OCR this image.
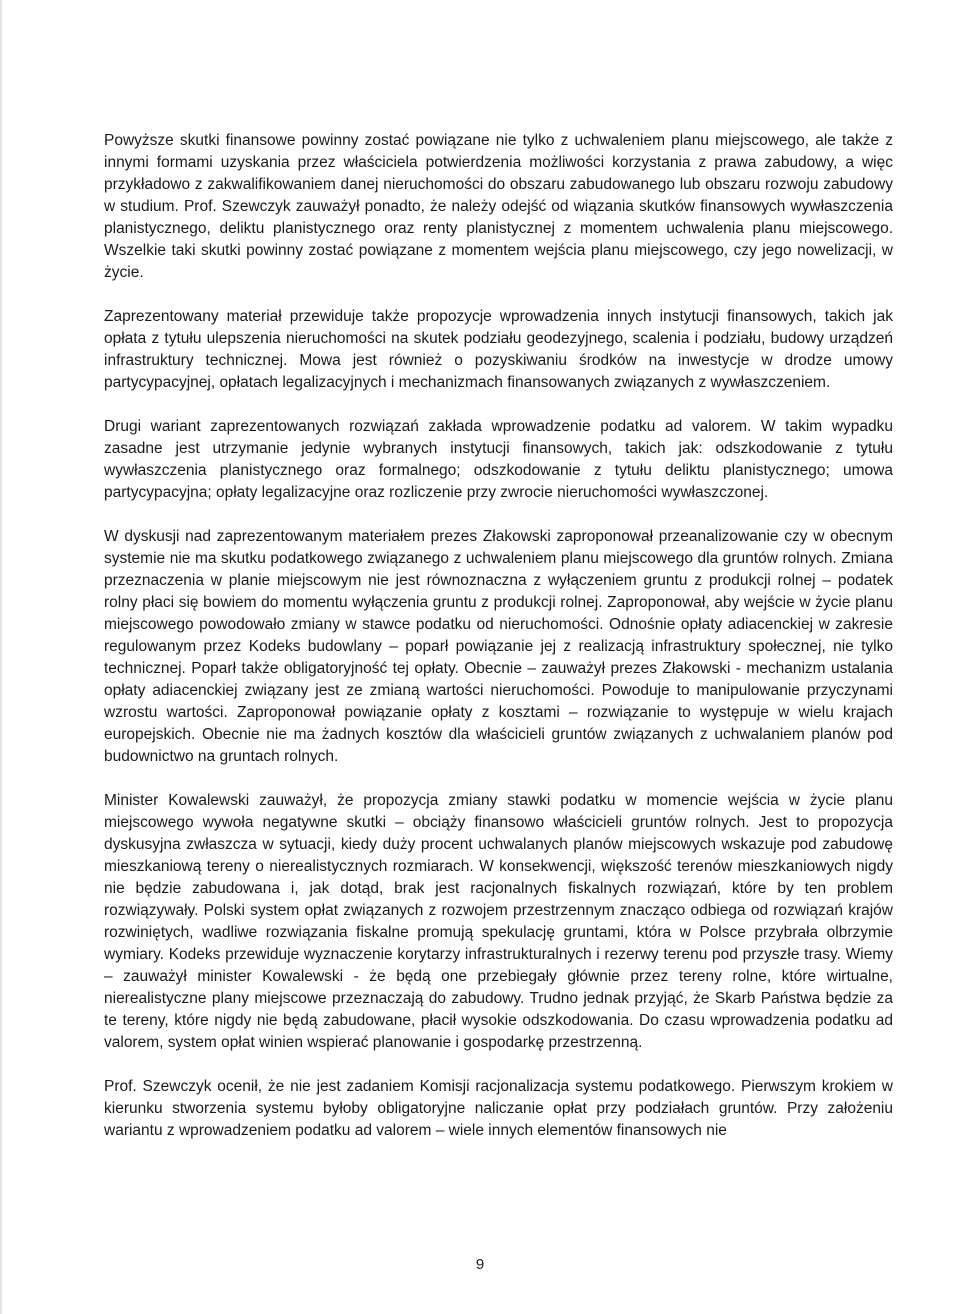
Powyższe skutki finansowe powinny zostać powiązane nie tylko z uchwaleniem planu miejscowego, ale także z innymi formami uzyskania przez właściciela potwierdzenia możliwości korzystania z prawa zabudowy, a więc przykładowo z zakwalifikowaniem danej nieruchomości do obszaru zabudowanego lub obszaru rozwoju zabudowy w studium. Prof. Szewczyk zauważył ponadto, że należy odejść od wiązania skutków finansowych wywłaszczenia planistycznego, deliktu planistycznego oraz renty planistycznej z momentem uchwalenia planu miejscowego. Wszelkie taki skutki powinny zostać powiązane z momentem wejścia planu miejscowego, czy jego nowelizacji, w życie.

Zaprezentowany materiał przewiduje także propozycje wprowadzenia innych instytucji finansowych, takich jak opłata z tytułu ulepszenia nieruchomości na skutek podziału geodezyjnego, scalenia i podziału, budowy urządzeń infrastruktury technicznej. Mowa jest również o pozyskiwaniu środków na inwestycje w drodze umowy partycypacyjnej, opłatach legalizacyjnych i mechanizmach finansowanych związanych z wywłaszczeniem.

Drugi wariant zaprezentowanych rozwiązań zakłada wprowadzenie podatku ad valorem. W takim wypadku zasadne jest utrzymanie jedynie wybranych instytucji finansowych, takich jak: odszkodowanie z tytułu wywłaszczenia planistycznego oraz formalnego; odszkodowanie z tytułu deliktu planistycznego; umowa partycypacyjna; opłaty legalizacyjne oraz rozliczenie przy zwrocie nieruchomości wywłaszczonej.

W dyskusji nad zaprezentowanym materiałem prezes Złakowski zaproponował przeanalizowanie czy w obecnym systemie nie ma skutku podatkowego związanego z uchwaleniem planu miejscowego dla gruntów rolnych. Zmiana przeznaczenia w planie miejscowym nie jest równoznaczna z wyłączeniem gruntu z produkcji rolnej – podatek rolny płaci się bowiem do momentu wyłączenia gruntu z produkcji rolnej. Zaproponował, aby wejście w życie planu miejscowego powodowało zmiany w stawce podatku od nieruchomości. Odnośnie opłaty adiacenckiej w zakresie regulowanym przez Kodeks budowlany – poparł powiązanie jej z realizacją infrastruktury społecznej, nie tylko technicznej. Poparł także obligatoryjność tej opłaty. Obecnie – zauważył prezes Złakowski - mechanizm ustalania opłaty adiacenckiej związany jest ze zmianą wartości nieruchomości. Powoduje to manipulowanie przyczynami wzrostu wartości. Zaproponował powiązanie opłaty z kosztami – rozwiązanie to występuje w wielu krajach europejskich. Obecnie nie ma żadnych kosztów dla właścicieli gruntów związanych z uchwalaniem planów pod budownictwo na gruntach rolnych.

Minister Kowalewski zauważył, że propozycja zmiany stawki podatku w momencie wejścia w życie planu miejscowego wywoła negatywne skutki – obciąży finansowo właścicieli gruntów rolnych. Jest to propozycja dyskusyjna zwłaszcza w sytuacji, kiedy duży procent uchwalanych planów miejscowych wskazuje pod zabudowę mieszkaniową tereny o nierealistycznych rozmiarach. W konsekwencji, większość terenów mieszkaniowych nigdy nie będzie zabudowana i, jak dotąd, brak jest racjonalnych fiskalnych rozwiązań, które by ten problem rozwiązywały. Polski system opłat związanych z rozwojem przestrzennym znacząco odbiega od rozwiązań krajów rozwiniętych, wadliwe rozwiązania fiskalne promują spekulację gruntami, która w Polsce przybrała olbrzymie wymiary. Kodeks przewiduje wyznaczenie korytarzy infrastrukturalnych i rezerwy terenu pod przyszłe trasy. Wiemy – zauważył minister Kowalewski - że będą one przebiegały głównie przez tereny rolne, które wirtualne, nierealistyczne plany miejscowe przeznaczają do zabudowy. Trudno jednak przyjąć, że Skarb Państwa będzie za te tereny, które nigdy nie będą zabudowane, płacił wysokie odszkodowania. Do czasu wprowadzenia podatku ad valorem, system opłat winien wspierać planowanie i gospodarkę przestrzenną.

Prof. Szewczyk ocenił, że nie jest zadaniem Komisji racjonalizacja systemu podatkowego. Pierwszym krokiem w kierunku stworzenia systemu byłoby obligatoryjne naliczanie opłat przy podziałach gruntów. Przy założeniu wariantu z wprowadzeniem podatku ad valorem – wiele innych elementów finansowych nie

9
